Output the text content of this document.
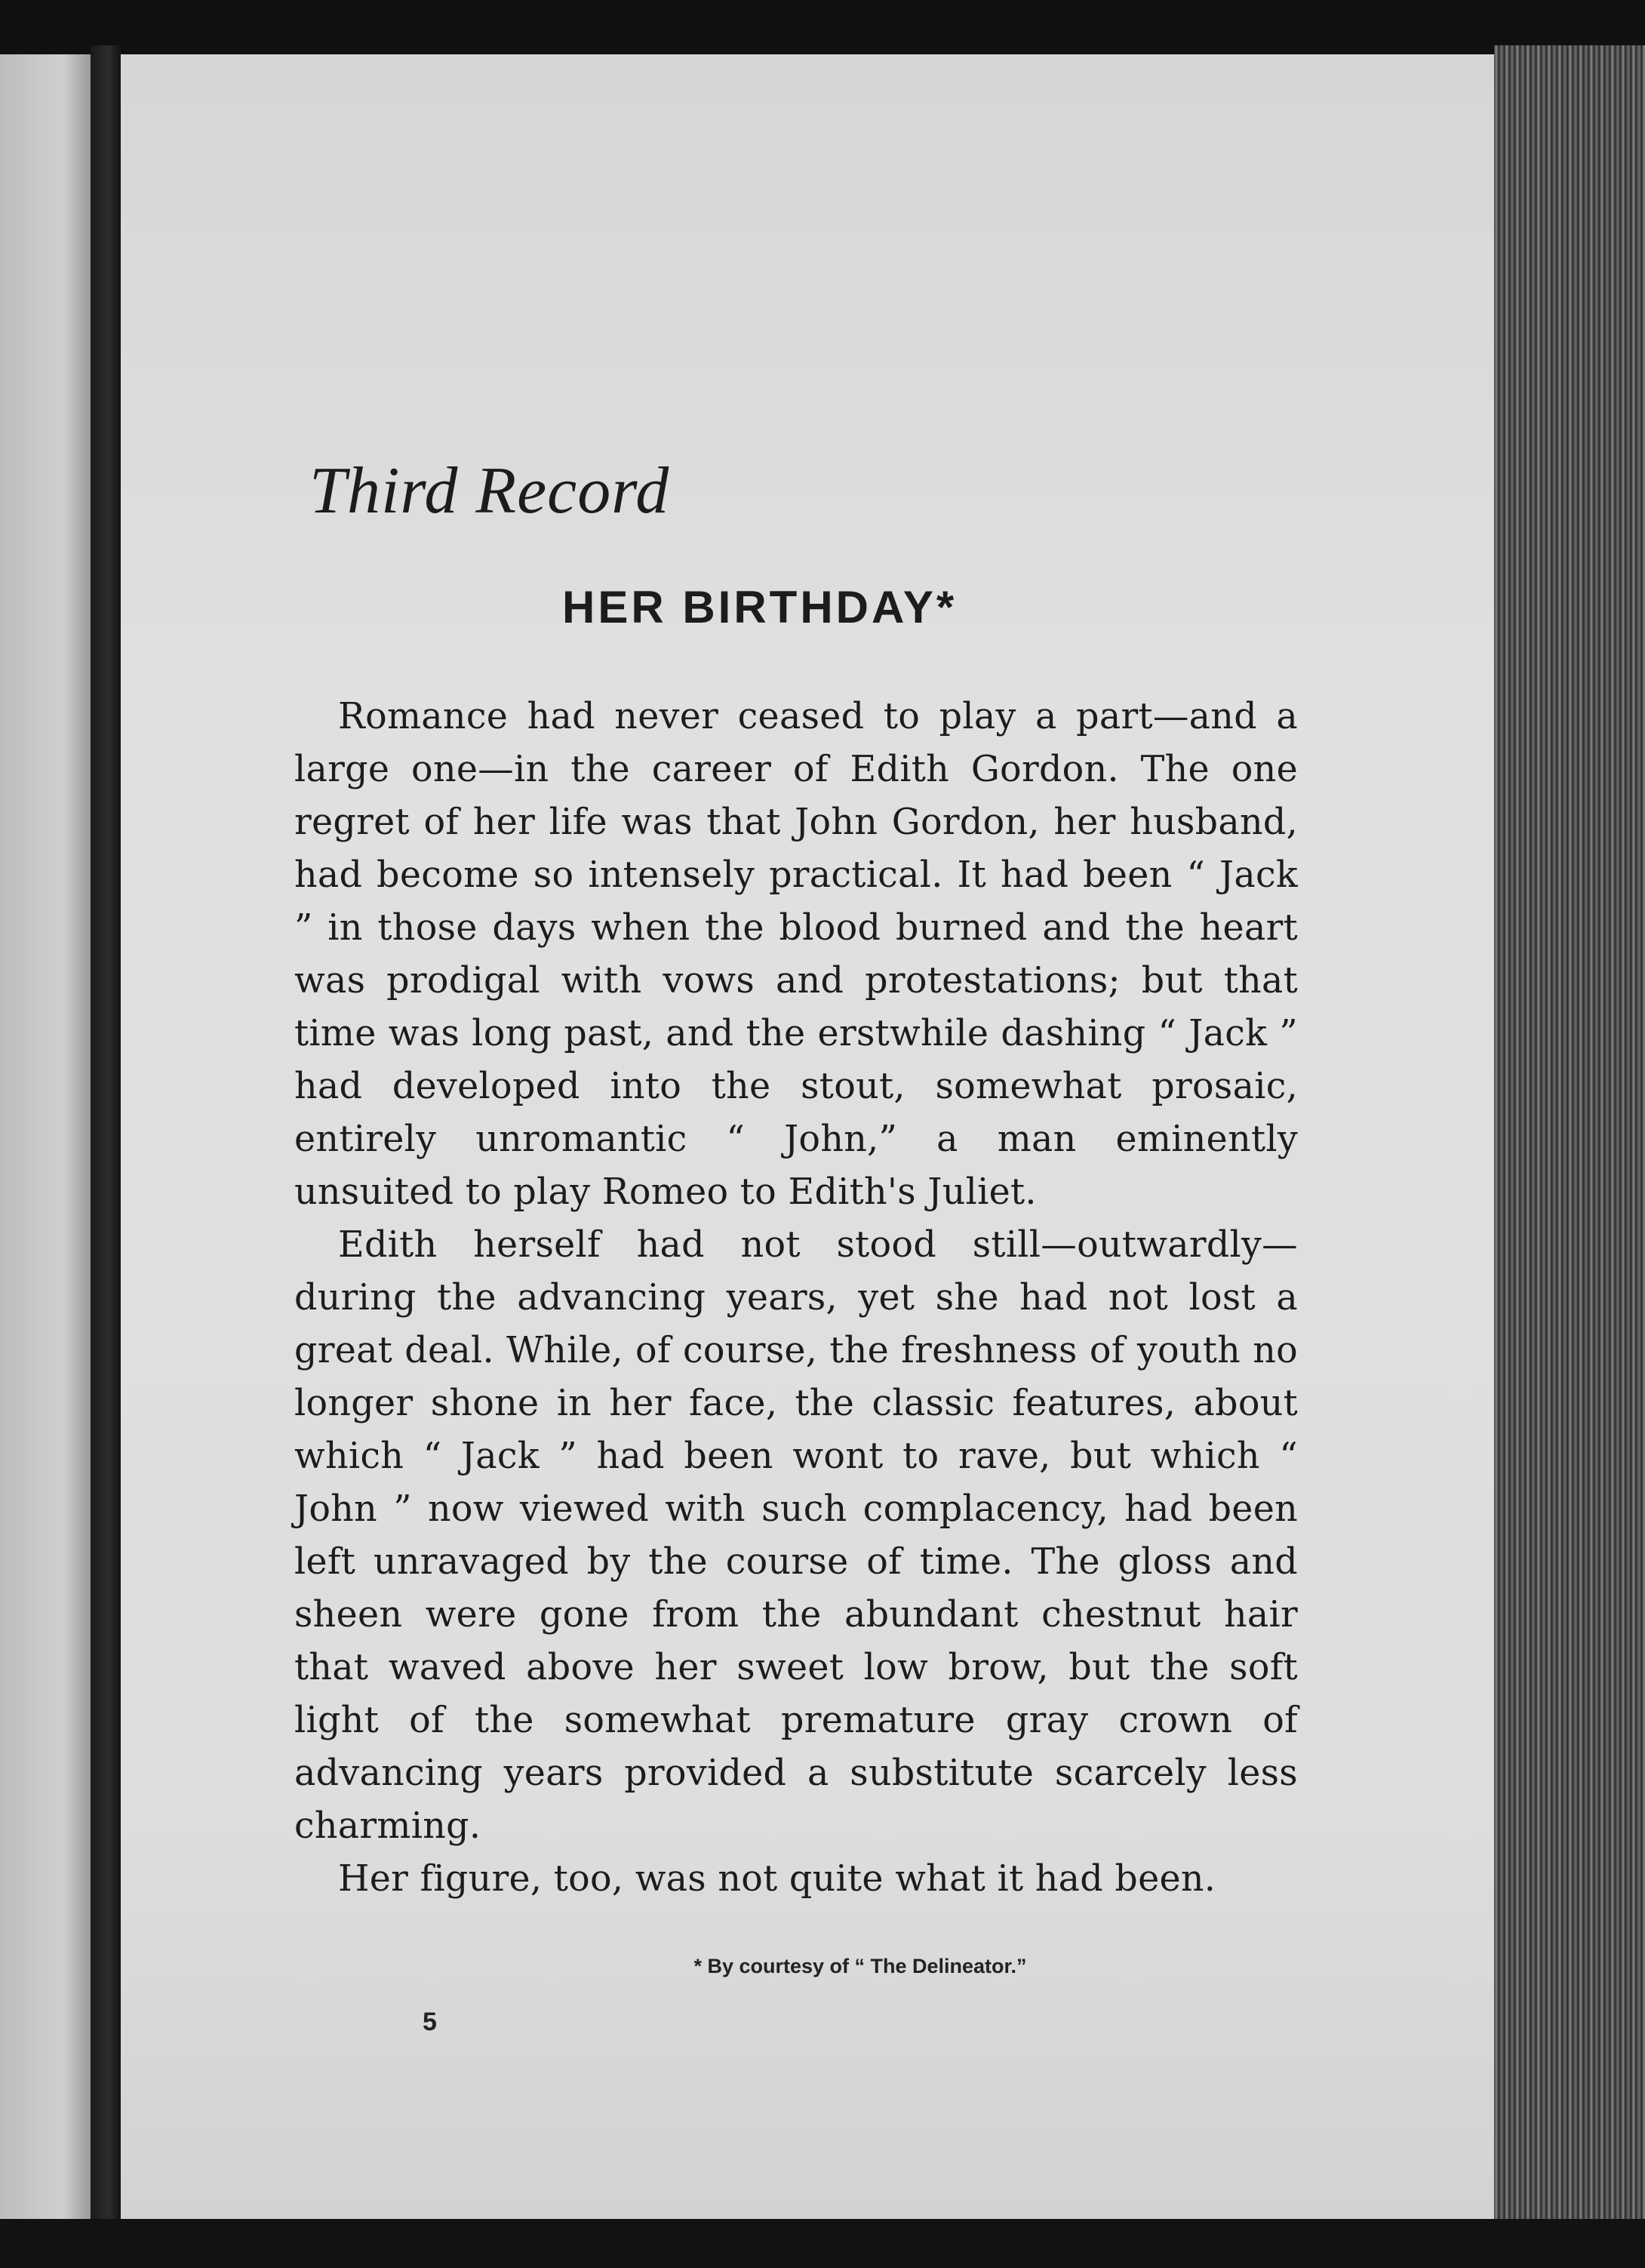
Third Record
HER BIRTHDAY*

Romance had never ceased to play a part—and a large one—in the career of Edith Gordon. The one regret of her life was that John Gordon, her husband, had become so intensely practical. It had been “ Jack ” in those days when the blood burned and the heart was prodigal with vows and protestations; but that time was long past, and the erstwhile dashing “ Jack ” had developed into the stout, somewhat prosaic, entirely unromantic “ John,” a man eminently unsuited to play Romeo to Edith's Juliet.

Edith herself had not stood still—outwardly—during the advancing years, yet she had not lost a great deal. While, of course, the freshness of youth no longer shone in her face, the classic features, about which “ Jack ” had been wont to rave, but which “ John ” now viewed with such complacency, had been left unravaged by the course of time. The gloss and sheen were gone from the abundant chestnut hair that waved above her sweet low brow, but the soft light of the somewhat premature gray crown of advancing years provided a substitute scarcely less charming.

Her figure, too, was not quite what it had been.

* By courtesy of “ The Delineator.”
5
